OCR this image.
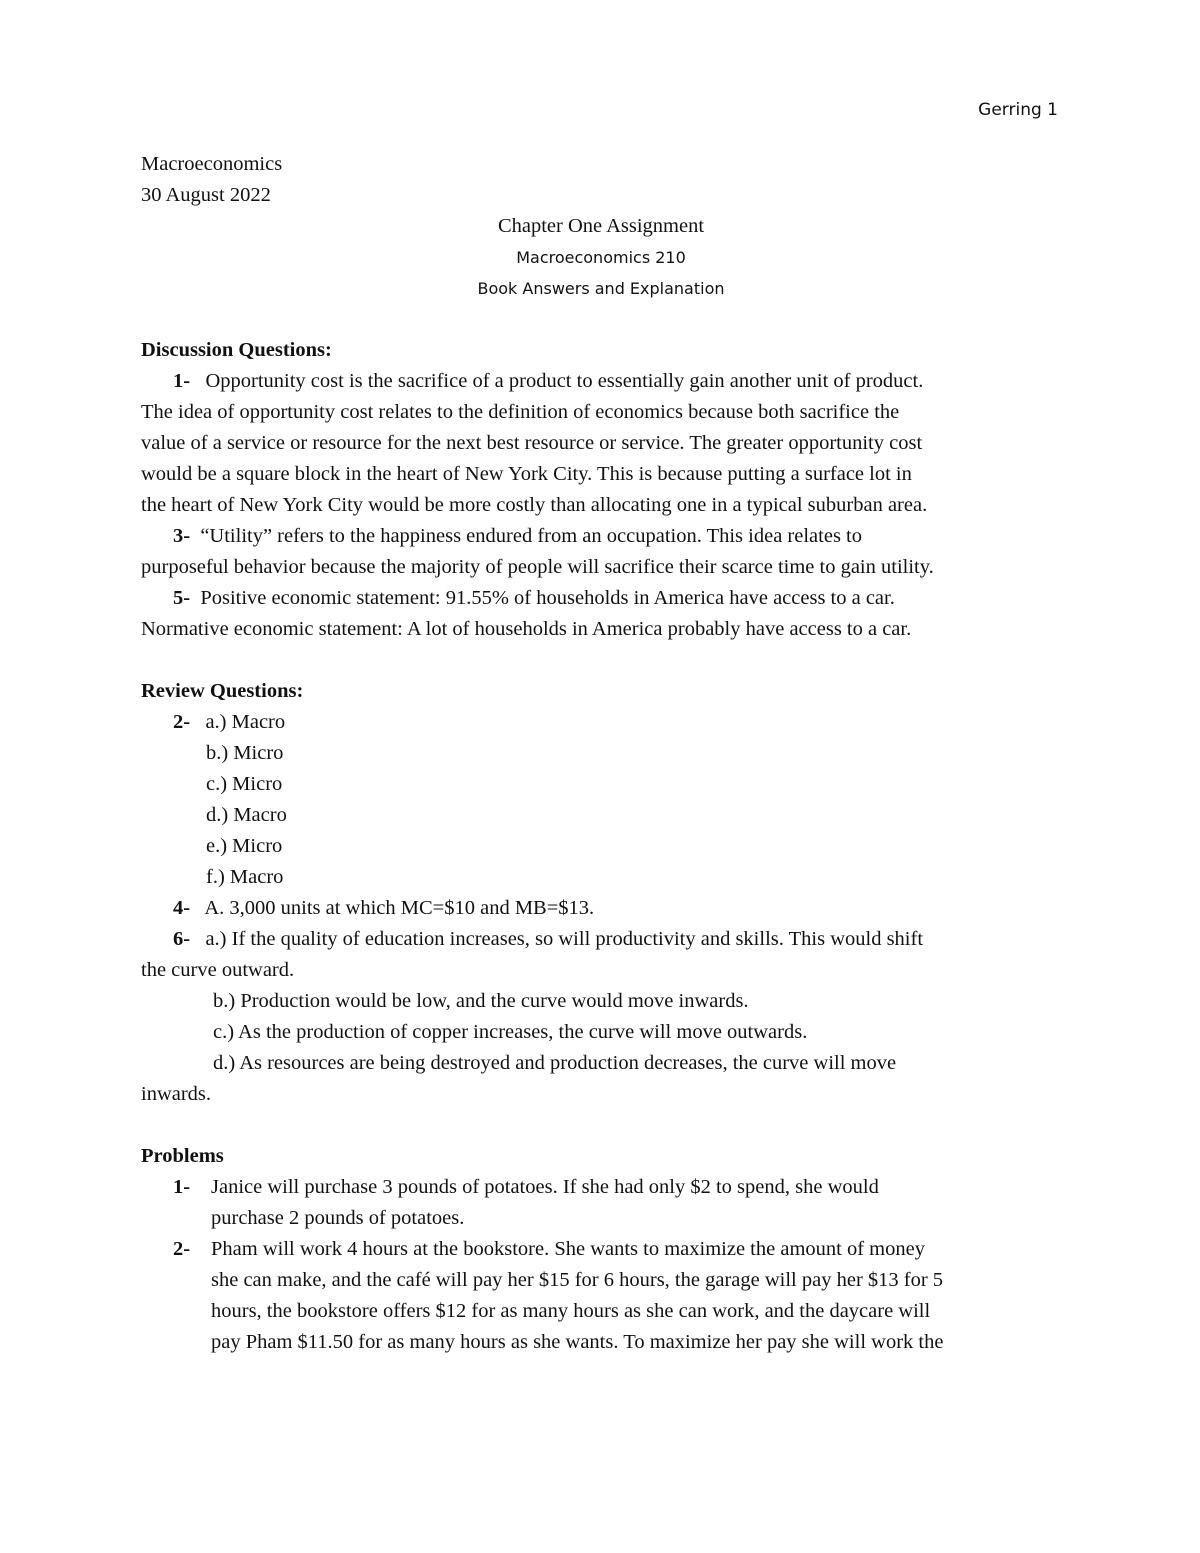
Gerring 1
Macroeconomics
30 August 2022
Chapter One Assignment
Macroeconomics 210
Book Answers and Explanation
Discussion Questions:
1- Opportunity cost is the sacrifice of a product to essentially gain another unit of product.
The idea of opportunity cost relates to the definition of economics because both sacrifice the
value of a service or resource for the next best resource or service. The greater opportunity cost
would be a square block in the heart of New York City. This is because putting a surface lot in
the heart of New York City would be more costly than allocating one in a typical suburban area.
3- “Utility” refers to the happiness endured from an occupation. This idea relates to
purposeful behavior because the majority of people will sacrifice their scarce time to gain utility.
5- Positive economic statement: 91.55% of households in America have access to a car.
Normative economic statement: A lot of households in America probably have access to a car.
Review Questions:
2- a.) Macro
b.) Micro
c.) Micro
d.) Macro
e.) Micro
f.) Macro
4- A. 3,000 units at which MC=$10 and MB=$13.
6- a.) If the quality of education increases, so will productivity and skills. This would shift
the curve outward.
b.) Production would be low, and the curve would move inwards.
c.) As the production of copper increases, the curve will move outwards.
d.) As resources are being destroyed and production decreases, the curve will move
inwards.
Problems
1- Janice will purchase 3 pounds of potatoes. If she had only $2 to spend, she would
purchase 2 pounds of potatoes.
2- Pham will work 4 hours at the bookstore. She wants to maximize the amount of money
she can make, and the café will pay her $15 for 6 hours, the garage will pay her $13 for 5
hours, the bookstore offers $12 for as many hours as she can work, and the daycare will
pay Pham $11.50 for as many hours as she wants. To maximize her pay she will work the
